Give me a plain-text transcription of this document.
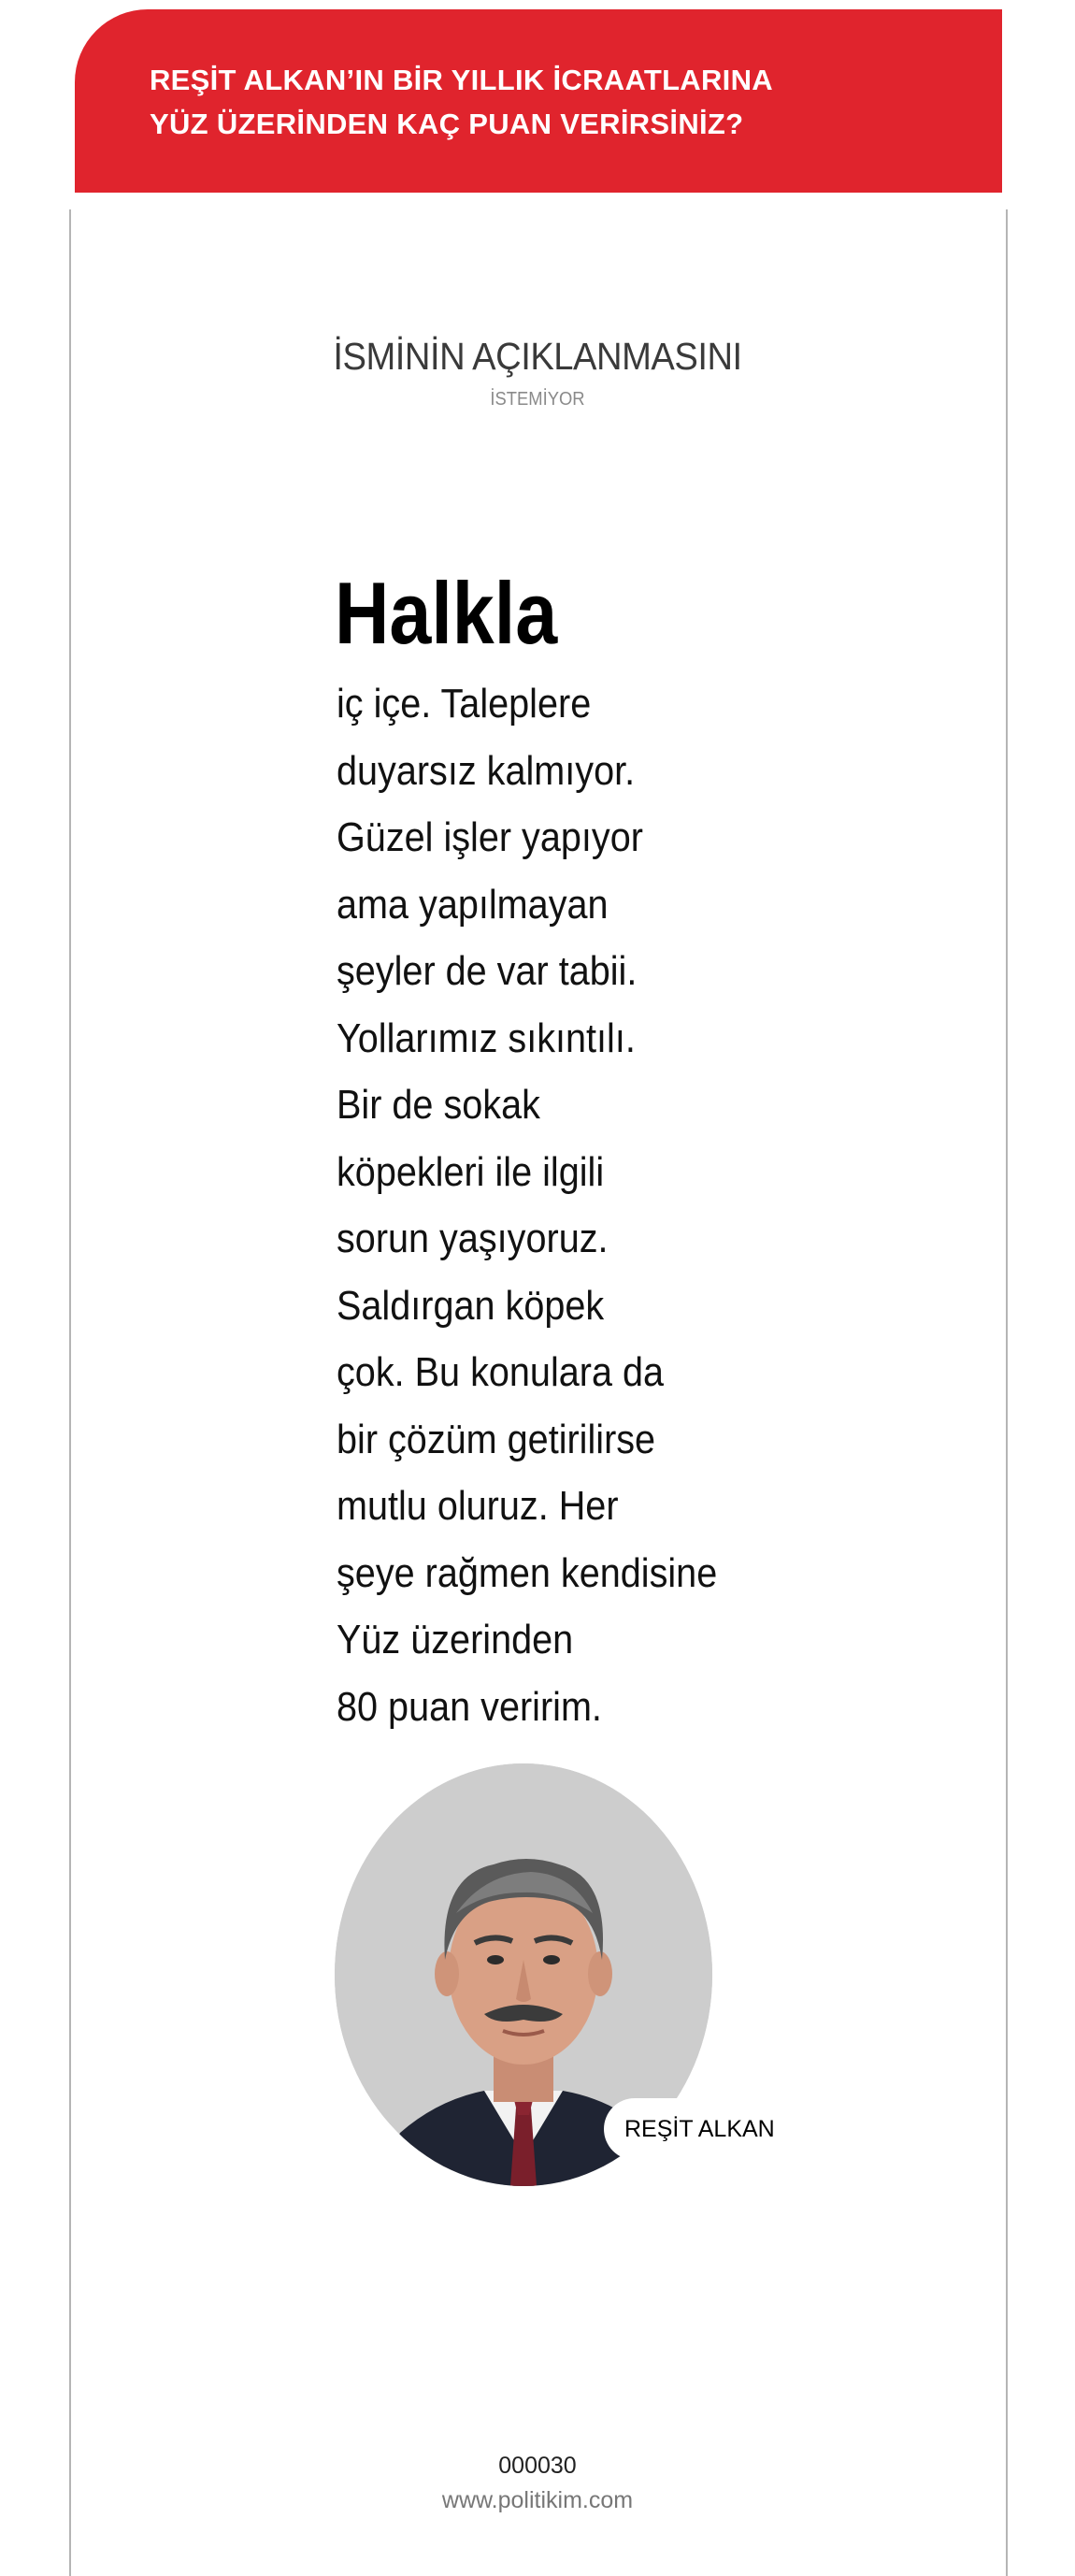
REŞİT ALKAN’IN BİR YILLIK İCRAATLARINA
YÜZ ÜZERİNDEN KAÇ PUAN VERİRSİNİZ?
İSMİNİN AÇIKLANMASINI
İSTEMİYOR
Halkla
iç içe. Taleplere
duyarsız kalmıyor.
Güzel işler yapıyor
ama yapılmayan
şeyler de var tabii.
Yollarımız sıkıntılı.
Bir de sokak
köpekleri ile ilgili
sorun yaşıyoruz.
Saldırgan köpek
çok. Bu konulara da
bir çözüm getirilirse
mutlu oluruz. Her
şeye rağmen kendisine
Yüz üzerinden
80 puan veririm.
REŞİT ALKAN
000030
www.politikim.com
